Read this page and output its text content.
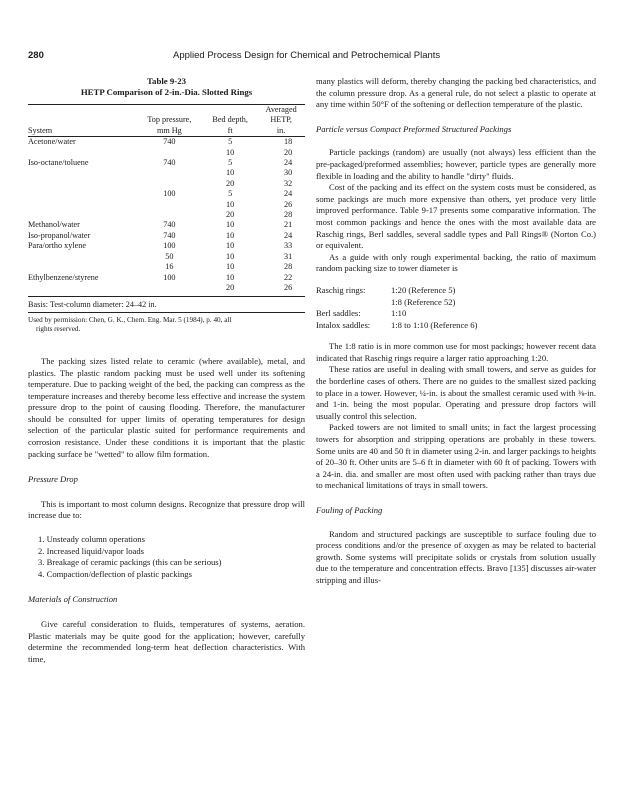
280	Applied Process Design for Chemical and Petrochemical Plants
Table 9-23
HETP Comparison of 2-in.-Dia. Slotted Rings
			Averaged
	Top pressure,	Bed depth,	HETP,
System	mm Hg	ft	in.
Acetone/water	740	5	18
		10	20
Iso-octane/toluene	740	5	24
		10	30
		20	32
	100	5	24
		10	26
		20	28
Methanol/water	740	10	21
Iso-propanol/water	740	10	24
Para/ortho xylene	100	10	33
	50	10	31
	16	10	28
Ethylbenzene/styrene	100	10	22
		20	26
Basis: Test-column diameter: 24–42 in.
Used by permission: Chen, G. K., Chem. Eng. Mar. 5 (1984), p. 40, all
rights reserved.

The packing sizes listed relate to ceramic (where available), metal, and plastics. The plastic random packing must be used well under its softening temperature. Due to packing weight of the bed, the packing can compress as the temperature increases and thereby become less effective and increase the system pressure drop to the point of causing flooding. Therefore, the manufacturer should be consulted for upper limits of operating temperatures for design selection of the particular plastic suited for performance requirements and corrosion resistance. Under these conditions it is important that the plastic packing surface be "wetted" to allow film formation.

Pressure Drop

This is important to most column designs. Recognize that pressure drop will increase due to:

1. Unsteady column operations
2. Increased liquid/vapor loads
3. Breakage of ceramic packings (this can be serious)
4. Compaction/deflection of plastic packings
Materials of Construction

Give careful consideration to fluids, temperatures of systems, aeration. Plastic materials may be quite good for the application; however, carefully determine the recommended long-term heat deflection characteristics. With time,

many plastics will deform, thereby changing the packing bed characteristics, and the column pressure drop. As a general rule, do not select a plastic to operate at any time within 50°F of the softening or deflection temperature of the plastic.

Particle versus Compact Preformed Structured Packings

Particle packings (random) are usually (not always) less efficient than the pre-packaged/preformed assemblies; however, particle types are generally more flexible in loading and the ability to handle "dirty" fluids.

Cost of the packing and its effect on the system costs must be considered, as some packings are much more expensive than others, yet produce very little improved performance. Table 9-17 presents some comparative information. The most common packings and hence the ones with the most available data are Raschig rings, Berl saddles, several saddle types and Pall Rings® (Norton Co.) or equivalent.

As a guide with only rough experimental backing, the ratio of maximum random packing size to tower diameter is

Raschig rings:	1:20 (Reference 5)
1:8 (Reference 52)
Berl saddles:	1:10
Intalox saddles:	1:8 to 1:10 (Reference 6)

The 1:8 ratio is in more common use for most packings; however recent data indicated that Raschig rings require a larger ratio approaching 1:20.

These ratios are useful in dealing with small towers, and serve as guides for the borderline cases of others. There are no guides to the smallest sized packing to place in a tower. However, ¼-in. is about the smallest ceramic used with ⅜-in. and 1-in. being the most popular. Operating and pressure drop factors will usually control this selection.

Packed towers are not limited to small units; in fact the largest processing towers for absorption and stripping operations are probably in these towers. Some units are 40 and 50 ft in diameter using 2-in. and larger packings to heights of 20–30 ft. Other units are 5–6 ft in diameter with 60 ft of packing. Towers with a 24-in. dia. and smaller are most often used with packing rather than trays due to mechanical limitations of trays in small towers.

Fouling of Packing

Random and structured packings are susceptible to surface fouling due to process conditions and/or the presence of oxygen as may be related to bacterial growth. Some systems will precipitate solids or crystals from solution usually due to the temperature and concentration effects. Bravo [135] discusses air-water stripping and illus-
